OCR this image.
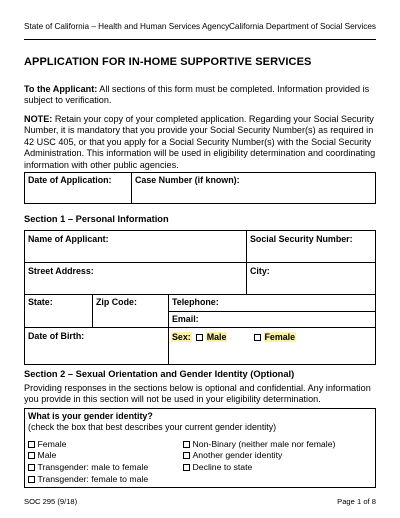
State of California – Health and Human Services Agency California Department of Social Services
APPLICATION FOR IN-HOME SUPPORTIVE SERVICES
To the Applicant: All sections of this form must be completed. Information provided is subject to verification.
NOTE: Retain your copy of your completed application. Regarding your Social Security Number, it is mandatory that you provide your Social Security Number(s) as required in 42 USC 405, or that you apply for a Social Security Number(s) with the Social Security Administration. This information will be used in eligibility determination and coordinating information with other public agencies.
Date of Application:	Case Number (if known):
Section 1 – Personal Information
Name of Applicant:	Social Security Number:
Street Address:	City:
State:	Zip Code:	Telephone:
Email:
Date of Birth:	Sex: Male	Female
Section 2 – Sexual Orientation and Gender Identity (Optional)
Providing responses in the sections below is optional and confidential. Any information you provide in this section will not be used in your eligibility determination.
What is your gender identity?
(check the box that best describes your current gender identity)
Female
Male
Transgender: male to female
Transgender: female to male
Non-Binary (neither male nor female)
Another gender identity
Decline to state
SOC 295 (9/18)	Page 1 of 8
